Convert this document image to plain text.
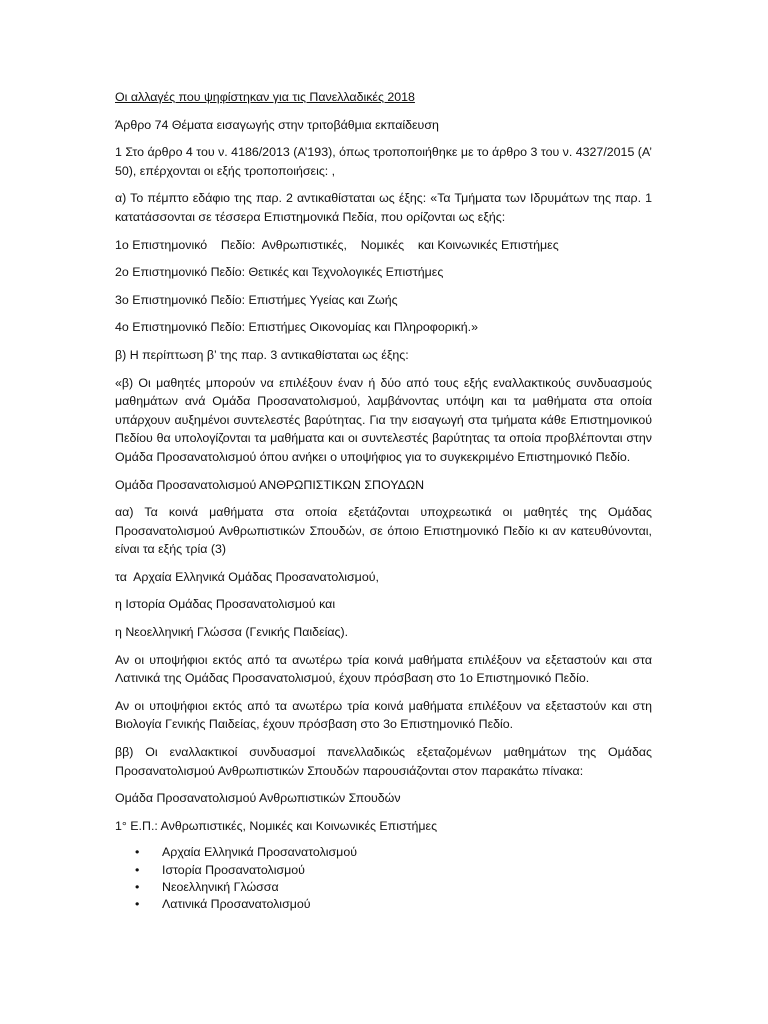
Οι αλλαγές που ψηφίστηκαν για τις Πανελλαδικές 2018

Άρθρο 74 Θέματα εισαγωγής στην τριτοβάθμια εκπαίδευση

1 Στο άρθρο 4 του ν. 4186/2013 (Α’193), όπως τροποποιήθηκε με το άρθρο 3 του ν. 4327/2015 (Α’ 50), επέρχονται οι εξής τροποποιήσεις: ,

α) Το πέμπτο εδάφιο της παρ. 2 αντικαθίσταται ως έξης: «Τα Τμήματα των Ιδρυμάτων της παρ. 1 κατατάσσονται σε τέσσερα Επιστημονικά Πεδία, που ορίζονται ως εξής:

1ο Επιστημονικό    Πεδίο:  Ανθρωπιστικές,    Νομικές    και Κοινωνικές Επιστήμες

2ο Επιστημονικό Πεδίο: Θετικές και Τεχνολογικές Επιστήμες

3ο Επιστημονικό Πεδίο: Επιστήμες Υγείας και Ζωής

4ο Επιστημονικό Πεδίο: Επιστήμες Οικονομίας και Πληροφορική.»

β) Η περίπτωση β’ της παρ. 3 αντικαθίσταται ως έξης:

«β) Οι μαθητές μπορούν να επιλέξουν έναν ή δύο από τους εξής εναλλακτικούς συνδυασμούς μαθημάτων ανά Ομάδα Προσανατολισμού, λαμβάνοντας υπόψη και τα μαθήματα στα οποία υπάρχουν αυξημένοι συντελεστές βαρύτητας. Για την εισαγωγή στα τμήματα κάθε Επιστημονικού Πεδίου θα υπολογίζονται τα μαθήματα και οι συντελεστές βαρύτητας τα οποία προβλέπονται στην Ομάδα Προσανατολισμού όπου ανήκει ο υποψήφιος για το συγκεκριμένο Επιστημονικό Πεδίο.

Ομάδα Προσανατολισμού ΑΝΘΡΩΠΙΣΤΙΚΩΝ ΣΠΟΥΔΩΝ

αα) Τα κοινά μαθήματα στα οποία εξετάζονται υποχρεωτικά οι μαθητές της Ομάδας Προσανατολισμού Ανθρωπιστικών Σπουδών, σε όποιο Επιστημονικό Πεδίο κι αν κατευθύνονται, είναι τα εξής τρία (3)

τα  Αρχαία Ελληνικά Ομάδας Προσανατολισμού,

η Ιστορία Ομάδας Προσανατολισμού και

η Νεοελληνική Γλώσσα (Γενικής Παιδείας).

Αν οι υποψήφιοι εκτός από τα ανωτέρω τρία κοινά μαθήματα επιλέξουν να εξεταστούν και στα Λατινικά της Ομάδας Προσανατολισμού, έχουν πρόσβαση στο 1ο Επιστημονικό Πεδίο.

Αν οι υποψήφιοι εκτός από τα ανωτέρω τρία κοινά μαθήματα επιλέξουν να εξεταστούν και στη Βιολογία Γενικής Παιδείας, έχουν πρόσβαση στο 3ο Επιστημονικό Πεδίο.

ββ) Οι εναλλακτικοί συνδυασμοί πανελλαδικώς εξεταζομένων μαθημάτων της Ομάδας Προσανατολισμού Ανθρωπιστικών Σπουδών παρουσιάζονται στον παρακάτω πίνακα:

Ομάδα Προσανατολισμού Ανθρωπιστικών Σπουδών

1° Ε.Π.: Ανθρωπιστικές, Νομικές και Κοινωνικές Επιστήμες

• Αρχαία Ελληνικά Προσανατολισμού
• Ιστορία Προσανατολισμού
• Νεοελληνική Γλώσσα
• Λατινικά Προσανατολισμού
